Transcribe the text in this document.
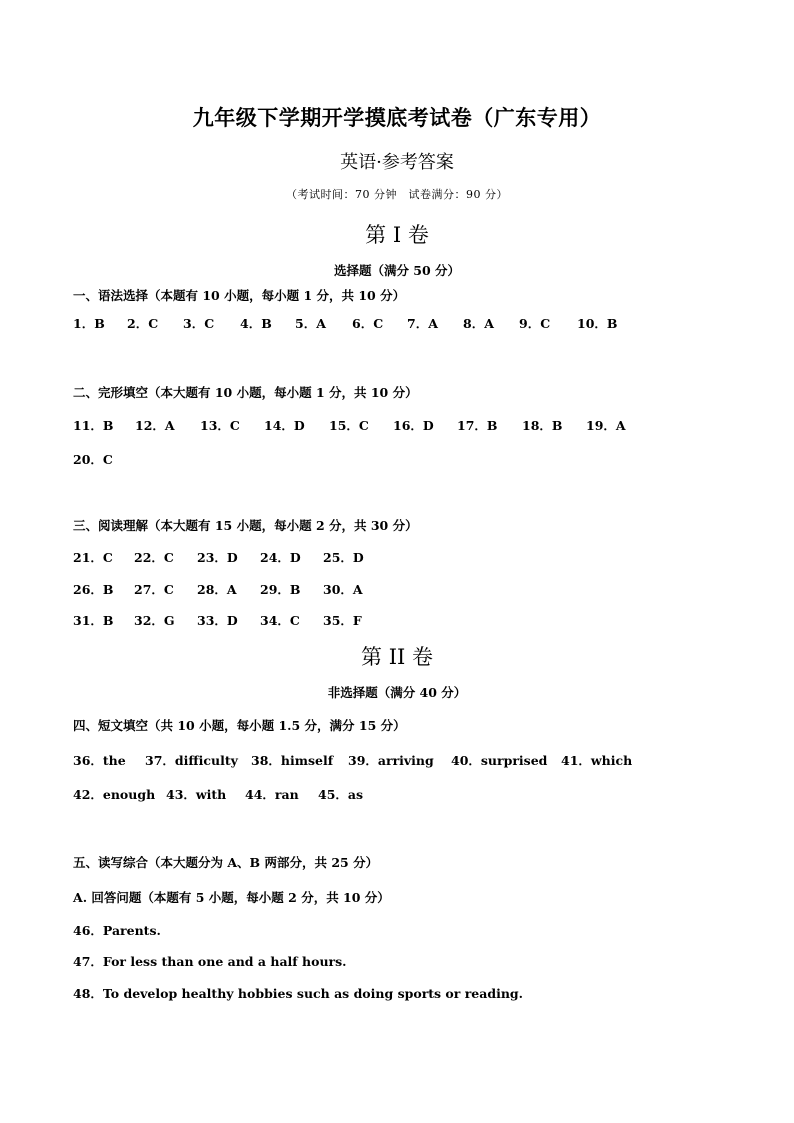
九年级下学期开学摸底考试卷（广东专用）
英语·参考答案
（考试时间：70 分钟　试卷满分：90 分）
第 I 卷
选择题（满分 50 分）
一、语法选择（本题有 10 小题，每小题 1 分，共 10 分）
1．B 2．C 3．C 4．B 5．A 6．C 7．A 8．A 9．C 10．B
二、完形填空（本大题有 10 小题，每小题 1 分，共 10 分）
11．B 12．A 13．C 14．D 15．C 16．D 17．B 18．B 19．A
20．C
三、阅读理解（本大题有 15 小题，每小题 2 分，共 30 分）
21．C 22．C 23．D 24．D 25．D
26．B 27．C 28．A 29．B 30．A
31．B 32．G 33．D 34．C 35．F
第 II 卷
非选择题（满分 40 分）
四、短文填空（共 10 小题，每小题 1.5 分，满分 15 分）
36．the 37．difficulty 38．himself 39．arriving 40．surprised 41．which
42．enough 43．with 44．ran 45．as
五、读写综合（本大题分为 A、B 两部分，共 25 分）
A. 回答问题（本题有 5 小题，每小题 2 分，共 10 分）
46．Parents.
47．For less than one and a half hours.
48．To develop healthy hobbies such as doing sports or reading.
